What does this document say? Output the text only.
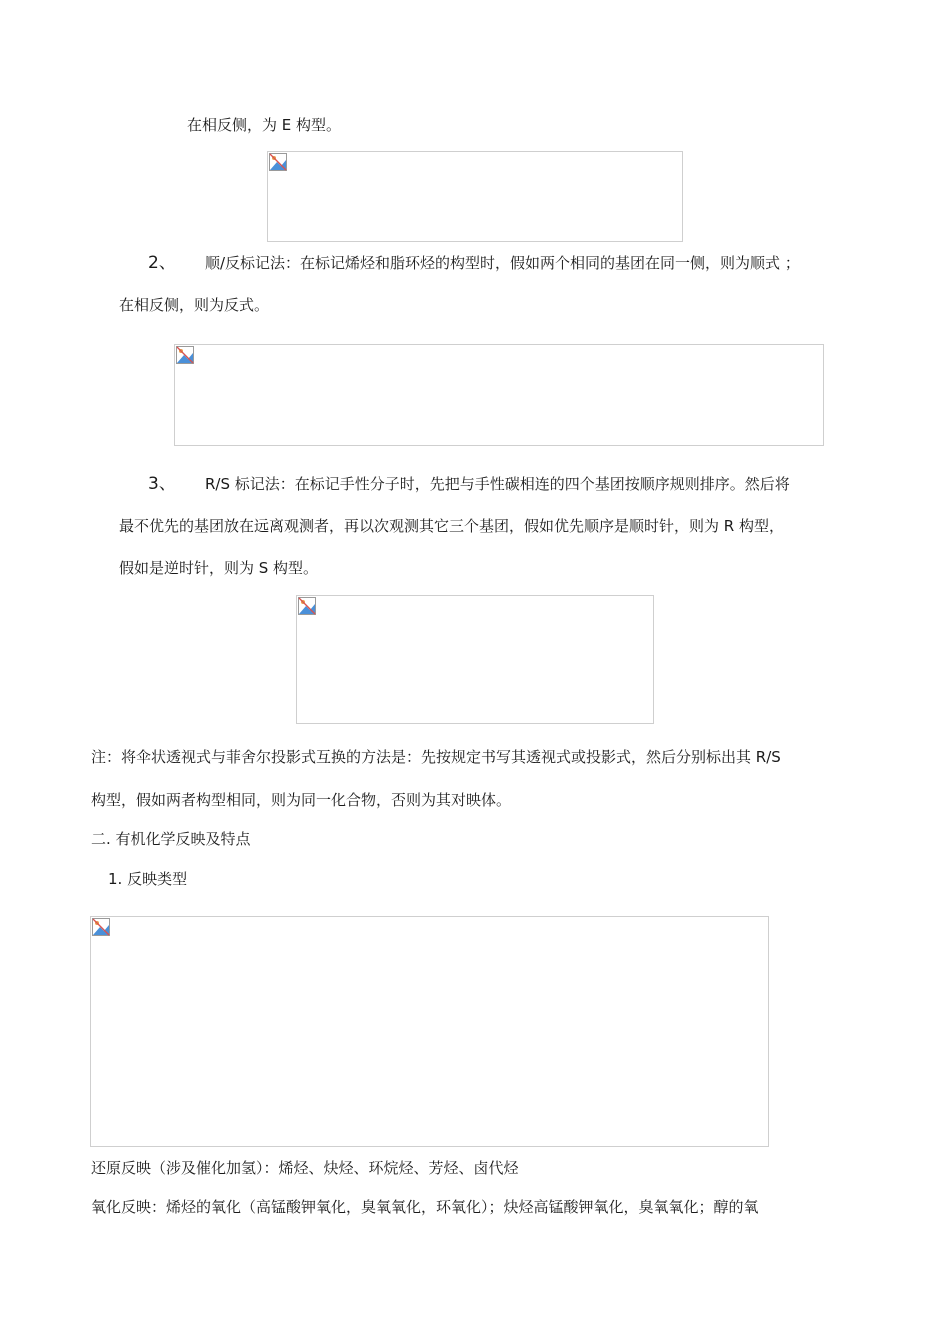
在相反侧，为 E 构型。
2、 顺/反标记法：在标记烯烃和脂环烃的构型时，假如两个相同的基团在同一侧，则为顺式 ；
在相反侧，则为反式。
3、 R/S 标记法：在标记手性分子时，先把与手性碳相连的四个基团按顺序规则排序。然后将
最不优先的基团放在远离观测者，再以次观测其它三个基团，假如优先顺序是顺时针，则为 R 构型，
假如是逆时针，则为 S 构型。
注：将伞状透视式与菲舍尔投影式互换的方法是：先按规定书写其透视式或投影式，然后分别标出其 R/S
构型，假如两者构型相同，则为同一化合物，否则为其对映体。
二. 有机化学反映及特点
1. 反映类型
还原反映（涉及催化加氢）：烯烃、炔烃、环烷烃、芳烃、卤代烃
氧化反映：烯烃的氧化（高锰酸钾氧化，臭氧氧化，环氧化）；炔烃高锰酸钾氧化，臭氧氧化；醇的氧
